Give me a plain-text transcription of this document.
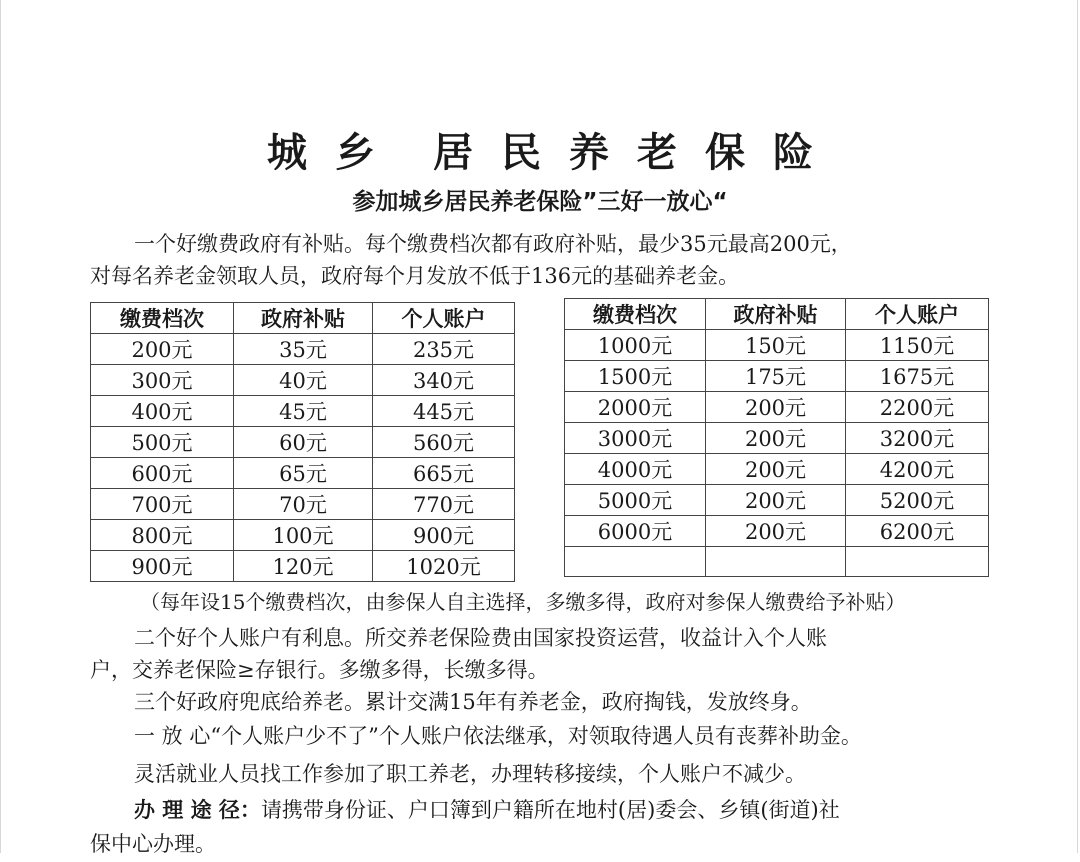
城 乡 居 民 养 老 保 险
参加城乡居民养老保险”三好一放心“
一个好缴费政府有补贴。每个缴费档次都有政府补贴，最少35元最高200元，
对每名养老金领取人员，政府每个月发放不低于136元的基础养老金。
缴费档次	政府补贴	个人账户
200元	35元	235元
300元	40元	340元
400元	45元	445元
500元	60元	560元
600元	65元	665元
700元	70元	770元
800元	100元	900元
900元	120元	1020元
缴费档次	政府补贴	个人账户
1000元	150元	1150元
1500元	175元	1675元
2000元	200元	2200元
3000元	200元	3200元
4000元	200元	4200元
5000元	200元	5200元
6000元	200元	6200元

（每年设15个缴费档次，由参保人自主选择，多缴多得，政府对参保人缴费给予补贴）
二个好个人账户有利息。所交养老保险费由国家投资运营，收益计入个人账
户，交养老保险≥存银行。多缴多得，长缴多得。
三个好政府兜底给养老。累计交满15年有养老金，政府掏钱，发放终身。
一 放 心“个人账户少不了”个人账户依法继承，对领取待遇人员有丧葬补助金。
灵活就业人员找工作参加了职工养老，办理转移接续，个人账户不减少。
办 理 途 径：请携带身份证、户口簿到户籍所在地村(居)委会、乡镇(街道)社
保中心办理。
